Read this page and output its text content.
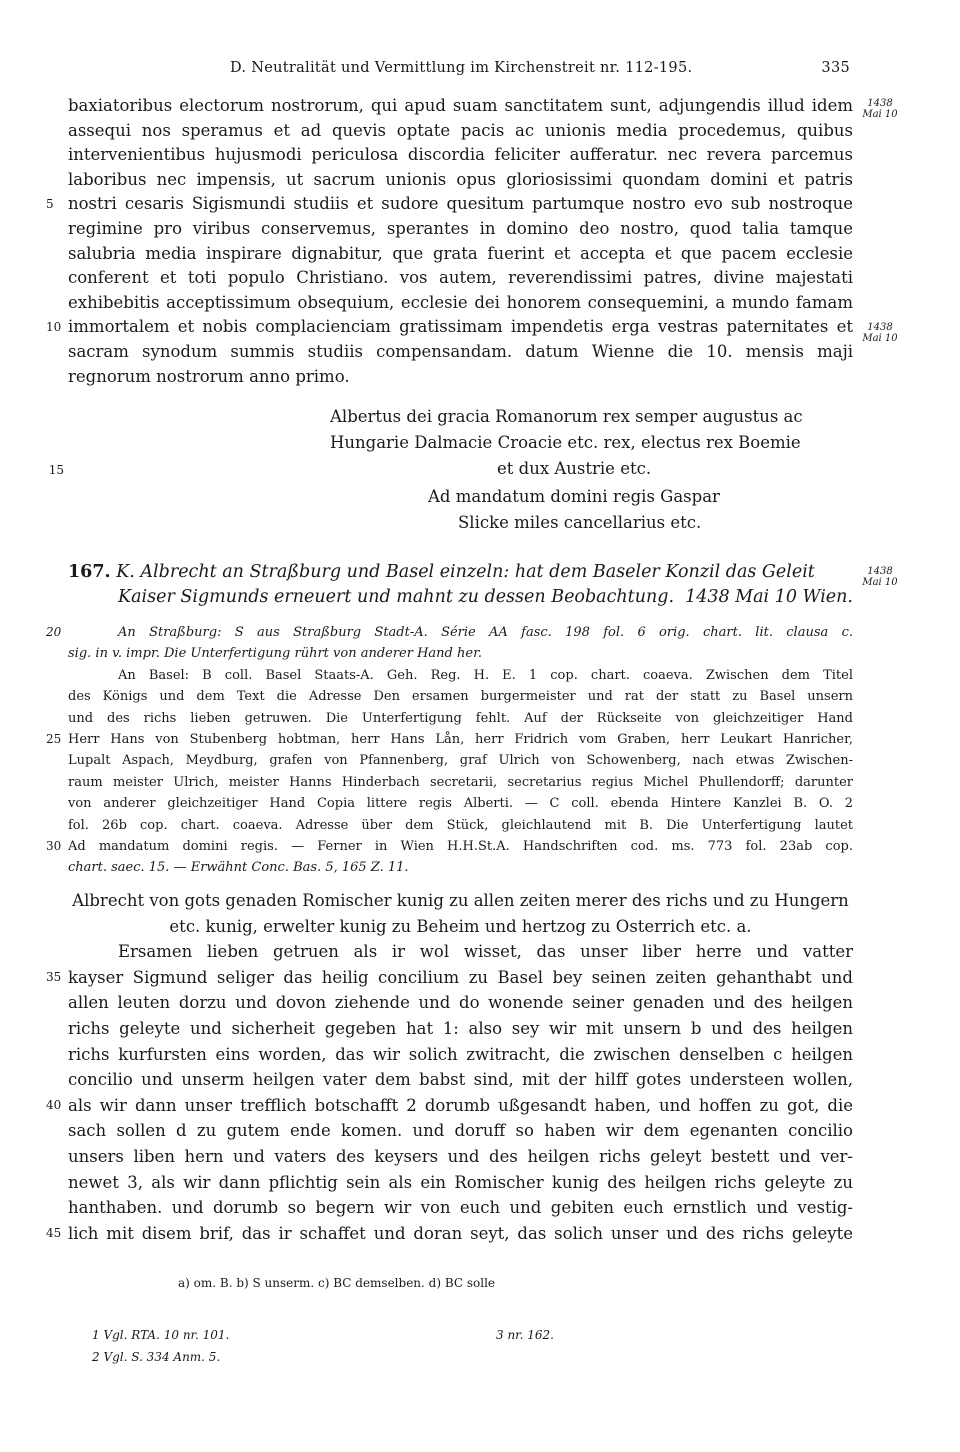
D. Neutralität und Vermittlung im Kirchenstreit nr. 112-195.	335
baxiatoribus electorum nostrorum, qui apud suam sanctitatem sunt, adjungendis illud idem
assequi nos speramus et ad quevis optate pacis ac unionis media procedemus, quibus
intervenientibus hujusmodi periculosa discordia feliciter aufferatur. nec revera parcemus
laboribus nec impensis, ut sacrum unionis opus gloriosissimi quondam domini et patris
5 nostri cesaris Sigismundi studiis et sudore quesitum partumque nostro evo sub nostroque
regimine pro viribus conservemus, sperantes in domino deo nostro, quod talia tamque
salubria media inspirare dignabitur, que grata fuerint et accepta et que pacem ecclesie
conferent et toti populo Christiano. vos autem, reverendissimi patres, divine majestati
exhibebitis acceptissimum obsequium, ecclesie dei honorem consequemini, a mundo famam
10 immortalem et nobis complacienciam gratissimam impendetis erga vestras paternitates et
sacram synodum summis studiis compensandam. datum Wienne die 10. mensis maji
regnorum nostrorum anno primo.
1438
Mai 10
1438
Mai 10
Albertus dei gracia Romanorum rex semper augustus ac
Hungarie Dalmacie Croacie etc. rex, electus rex Boemie
et dux Austrie etc.
15
Ad mandatum domini regis Gaspar
Slicke miles cancellarius etc.
167. K. Albrecht an Straßburg und Basel einzeln: hat dem Baseler Konzil das Geleit
Kaiser Sigmunds erneuert und mahnt zu dessen Beobachtung. 1438 Mai 10 Wien.
1438
Mai 10
20	An Straßburg: S aus Straßburg Stadt-A. Série AA fasc. 198 fol. 6 orig. chart. lit. clausa c.
sig. in v. impr. Die Unterfertigung rührt von anderer Hand her.
An Basel: B coll. Basel Staats-A. Geh. Reg. H. E. 1 cop. chart. coaeva. Zwischen dem Titel
des Königs und dem Text die Adresse Den ersamen burgermeister und rat der statt zu Basel unsern
und des richs lieben getruwen. Die Unterfertigung fehlt. Auf der Rückseite von gleichzeitiger Hand
25 Herr Hans von Stubenberg hobtman, herr Hans Lån, herr Fridrich vom Graben, herr Leukart Hanricher,
Lupalt Aspach, Meydburg, grafen von Pfannenberg, graf Ulrich von Schowenberg, nach etwas Zwischen-
raum meister Ulrich, meister Hanns Hinderbach secretarii, secretarius regius Michel Phullendorff; darunter
von anderer gleichzeitiger Hand Copia littere regis Alberti. — C coll. ebenda Hintere Kanzlei B. O. 2
fol. 26b cop. chart. coaeva. Adresse über dem Stück, gleichlautend mit B. Die Unterfertigung lautet
30 Ad mandatum domini regis. — Ferner in Wien H.H.St.A. Handschriften cod. ms. 773 fol. 23ab cop.
chart. saec. 15. — Erwähnt Conc. Bas. 5, 165 Z. 11.
Albrecht von gots genaden Romischer kunig zu allen zeiten merer des richs und zu Hungern
etc. kunig, erwelter kunig zu Beheim und hertzog zu Osterrich etc. a.
Ersamen lieben getruen als ir wol wisset, das unser liber herre und vatter
35 kayser Sigmund seliger das heilig concilium zu Basel bey seinen zeiten gehanthabt und
allen leuten dorzu und dovon ziehende und do wonende seiner genaden und des heilgen
richs geleyte und sicherheit gegeben hat 1: also sey wir mit unsern b und des heilgen
richs kurfursten eins worden, das wir solich zwitracht, die zwischen denselben c heilgen
concilio und unserm heilgen vater dem babst sind, mit der hilff gotes understeen wollen,
40 als wir dann unser trefflich botschafft 2 dorumb ußgesandt haben, und hoffen zu got, die
sach sollen d zu gutem ende komen. und doruff so haben wir dem egenanten concilio
unsers liben hern und vaters des keysers und des heilgen richs geleyt bestett und ver-
newet 3, als wir dann pflichtig sein als ein Romischer kunig des heilgen richs geleyte zu
hanthaben. und dorumb so begern wir von euch und gebiten euch ernstlich und vestig-
45 lich mit disem brif, das ir schaffet und doran seyt, das solich unser und des richs geleyte
a) om. B. b) S unserm. c) BC demselben. d) BC solle
1 Vgl. RTA. 10 nr. 101.	3 nr. 162.
2 Vgl. S. 334 Anm. 5.
